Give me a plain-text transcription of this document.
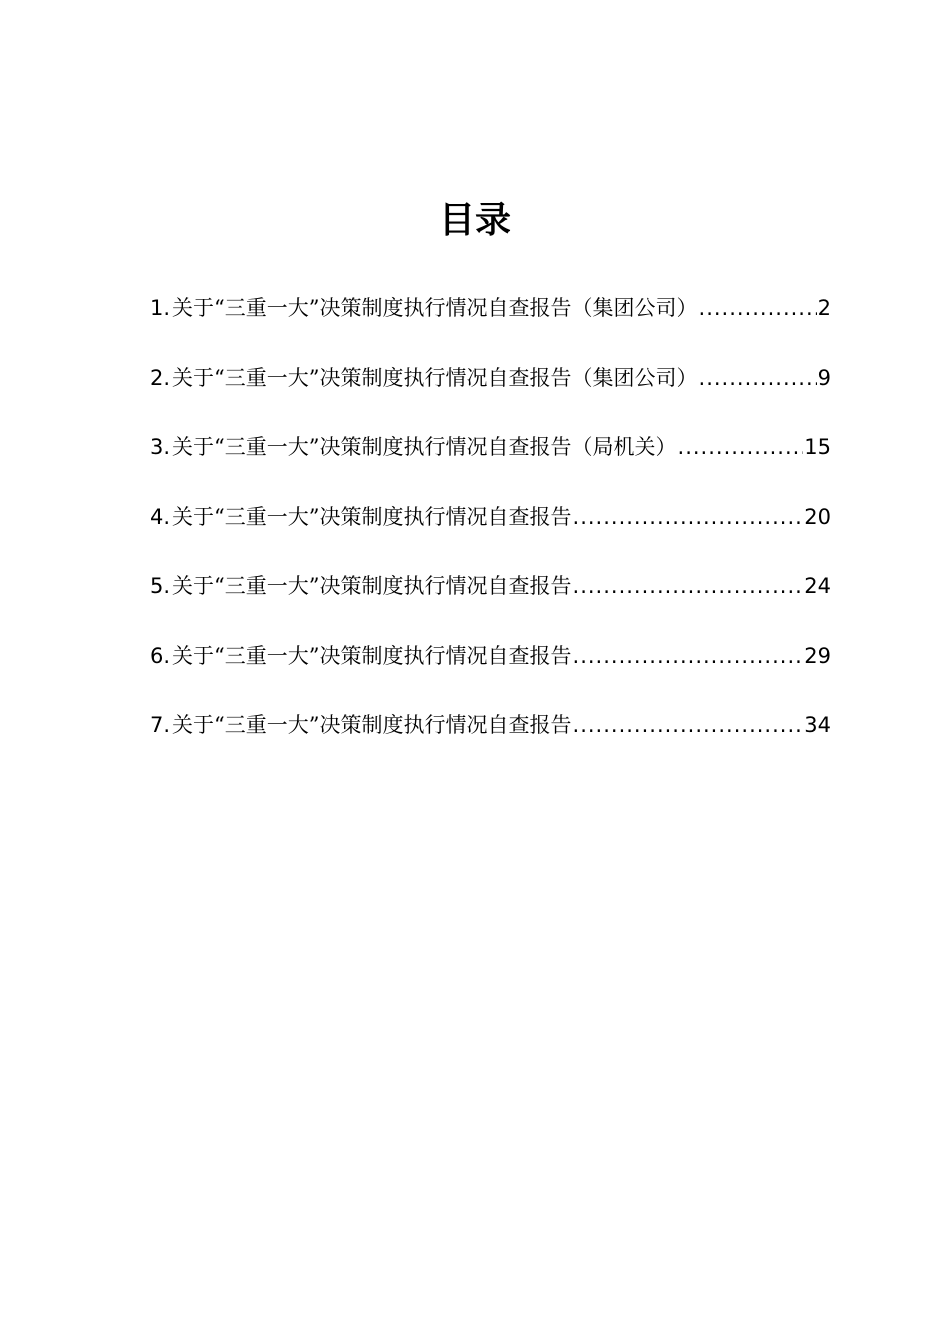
目录
1. 关于“三重一大”决策制度执行情况自查报告（集团公司） .....	2
2. 关于“三重一大”决策制度执行情况自查报告（集团公司） .....	9
3. 关于“三重一大”决策制度执行情况自查报告（局机关） .....	15
4. 关于“三重一大”决策制度执行情况自查报告 .....	20
5. 关于“三重一大”决策制度执行情况自查报告 .....	24
6. 关于“三重一大”决策制度执行情况自查报告 .....	29
7. 关于“三重一大”决策制度执行情况自查报告 .....	34
